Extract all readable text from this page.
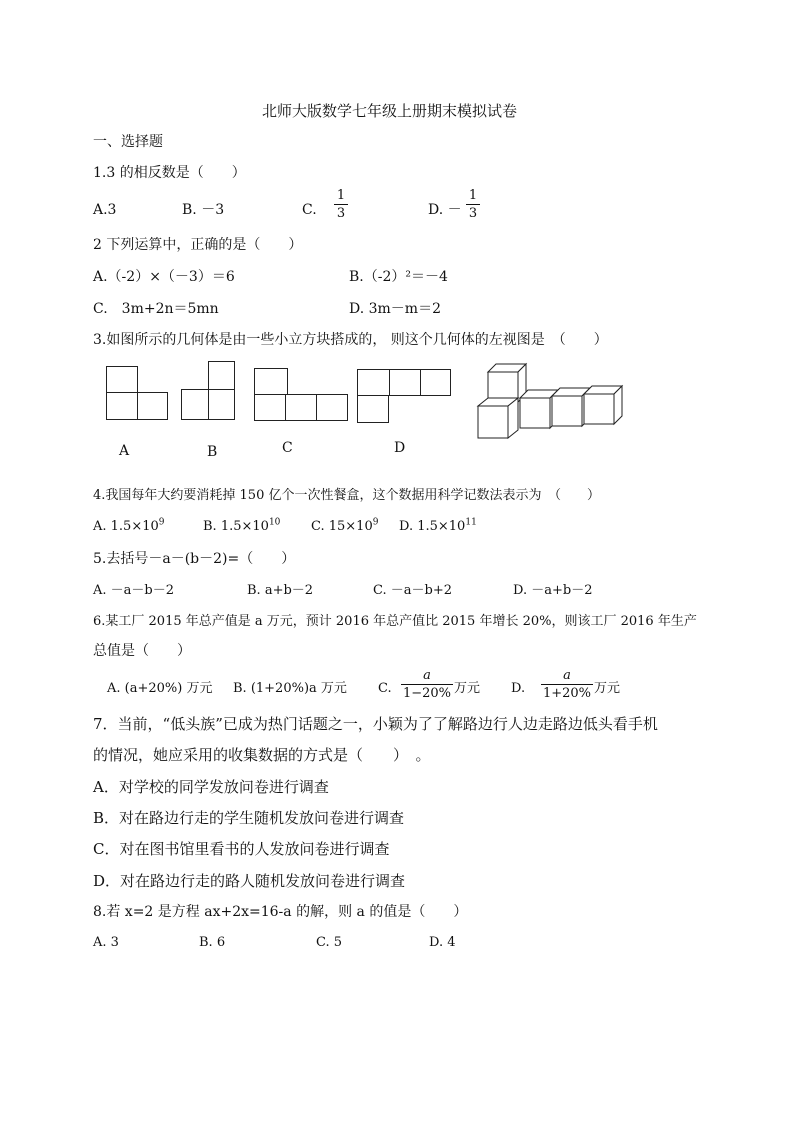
北师大版数学七年级上册期末模拟试卷
一、选择题
1.3 的相反数是（　　）
A.3	B. －3	C.
1
3	D. －
1
3
2 下列运算中，正确的是（　　）
A.（-2）×（－3）＝6	B.（-2）²＝－4
C.　3m+2n＝5mn	D. 3m－m＝2
3.如图所示的几何体是由一些小立方块搭成的， 则这个几何体的左视图是　（　　）
A	B	C	D
4.我国每年大约要消耗掉 150 亿个一次性餐盒，这个数据用科学记数法表示为　（　　）
A. $1.5\times 10^9$	B. $1.5\times 10^{10}$ C. $15\times 10^9$ D. $1.5\times 10^{11}$
5.去括号－a－(b－2)=（　　）
A. －a－b－2	B. a+b－2	C. －a－b+2	D. －a+b－2
6.某工厂 2015 年总产值是 a 万元，预计 2016 年总产值比 2015 年增长 20%，则该工厂 2016 年生产
总值是（　　）
A. (a+20%) 万元 B. (1+20%)a 万元 C.
a
1−20% 万元 D.
a
1+20% 万元
7．当前，“低头族”已成为热门话题之一，小颖为了了解路边行人边走路边低头看手机
的情况，她应采用的收集数据的方式是（　　）　。
A．对学校的同学发放问卷进行调查
B．对在路边行走的学生随机发放问卷进行调查
C．对在图书馆里看书的人发放问卷进行调查
D．对在路边行走的路人随机发放问卷进行调查
8.若 x=2 是方程 ax+2x=16-a 的解，则 a 的值是（　　）
A. 3	B. 6	C. 5	D. 4
